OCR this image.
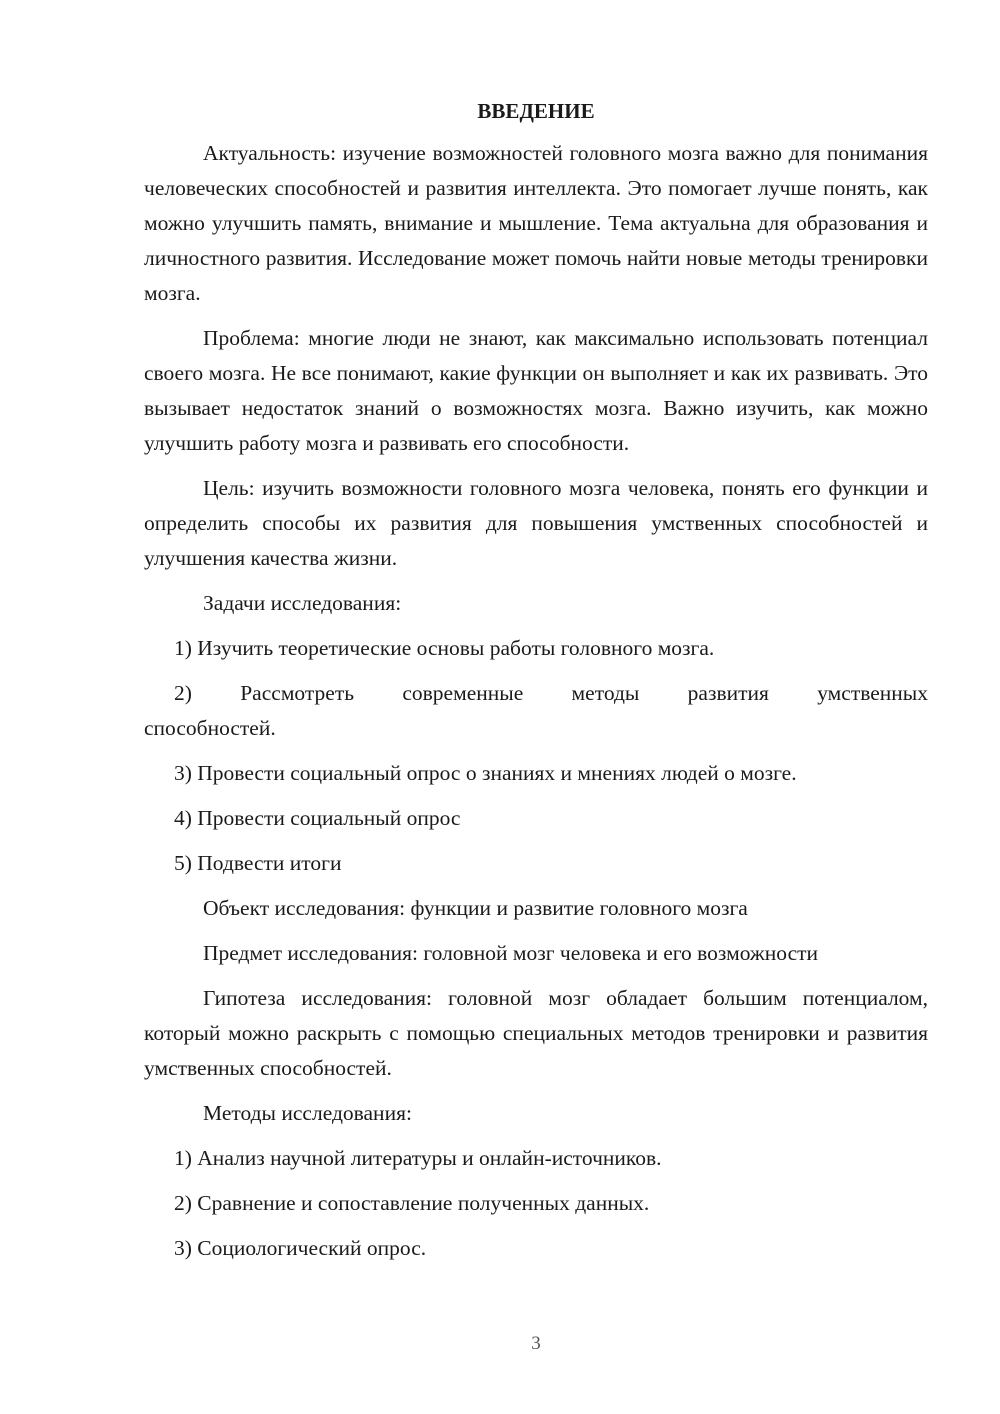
ВВЕДЕНИЕ
Актуальность: изучение возможностей головного мозга важно для понимания человеческих способностей и развития интеллекта. Это помогает лучше понять, как можно улучшить память, внимание и мышление. Тема актуальна для образования и личностного развития. Исследование может помочь найти новые методы тренировки мозга.
Проблема: многие люди не знают, как максимально использовать потенциал своего мозга. Не все понимают, какие функции он выполняет и как их развивать. Это вызывает недостаток знаний о возможностях мозга. Важно изучить, как можно улучшить работу мозга и развивать его способности.
Цель: изучить возможности головного мозга человека, понять его функции и определить способы их развития для повышения умственных способностей и улучшения качества жизни.
Задачи исследования:
1) Изучить теоретические основы работы головного мозга.
2) Рассмотреть современные методы развития умственных способностей.
3) Провести социальный опрос о знаниях и мнениях людей о мозге.
4) Провести социальный опрос
5) Подвести итоги
Объект исследования: функции и развитие головного мозга
Предмет исследования: головной мозг человека и его возможности
Гипотеза исследования: головной мозг обладает большим потенциалом, который можно раскрыть с помощью специальных методов тренировки и развития умственных способностей.
Методы исследования:
1) Анализ научной литературы и онлайн-источников.
2) Сравнение и сопоставление полученных данных.
3) Социологический опрос.
3
